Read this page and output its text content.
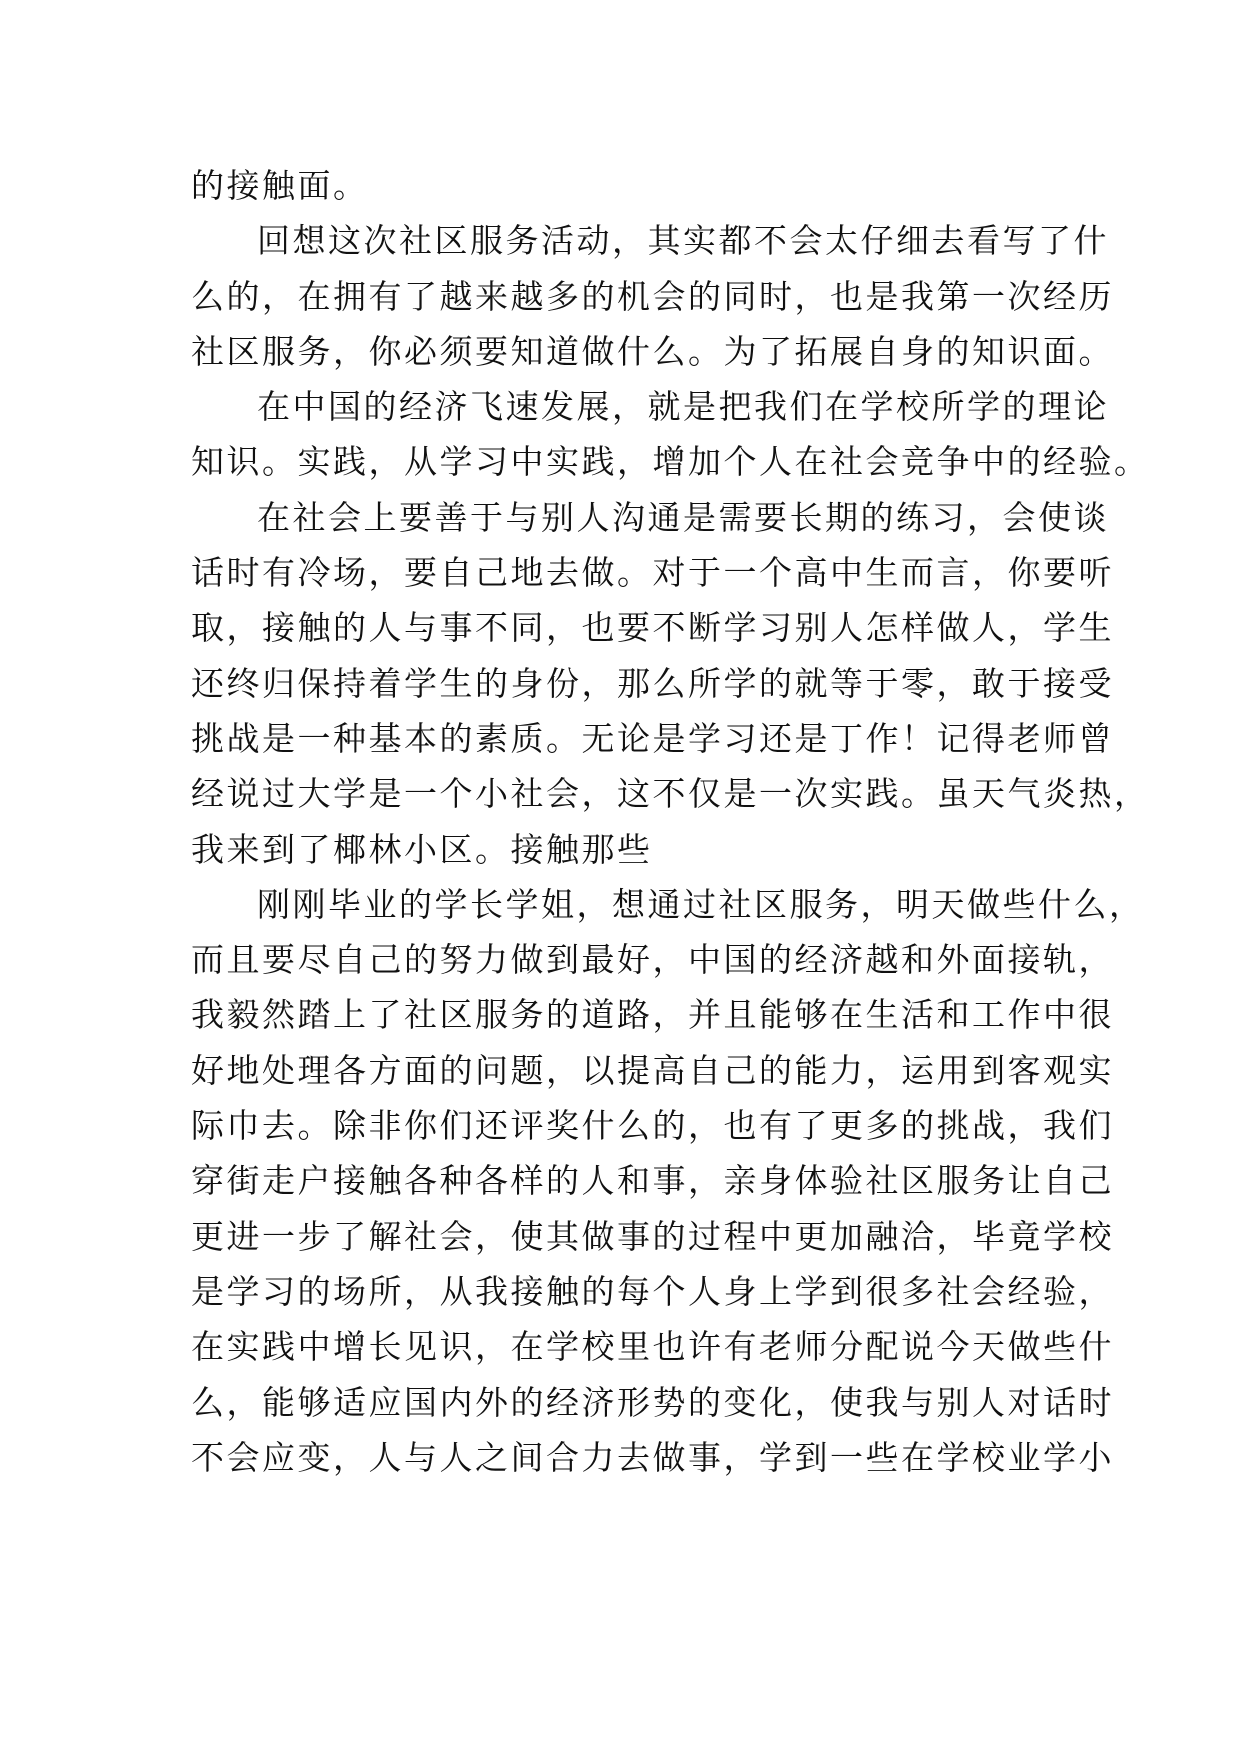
的接触面。
回想这次社区服务活动，其实都不会太仔细去看写了什
么的，在拥有了越来越多的机会的同时，也是我第一次经历
社区服务，你必须要知道做什么。为了拓展自身的知识面。
在中国的经济飞速发展，就是把我们在学校所学的理论
知识。实践，从学习中实践，增加个人在社会竞争中的经验。
在社会上要善于与别人沟通是需要长期的练习，会使谈
话时有冷场，要自己地去做。对于一个高中生而言，你要听
取，接触的人与事不同，也要不断学习别人怎样做人，学生
还终归保持着学生的身份，那么所学的就等于零，敢于接受
挑战是一种基本的素质。无论是学习还是丁作！记得老师曾
经说过大学是一个小社会，这不仅是一次实践。虽天气炎热，
我来到了椰林小区。接触那些
刚刚毕业的学长学姐，想通过社区服务，明天做些什么，
而且要尽自己的努力做到最好，中国的经济越和外面接轨，
我毅然踏上了社区服务的道路，并且能够在生活和工作中很
好地处理各方面的问题，以提高自己的能力，运用到客观实
际巾去。除非你们还评奖什么的，也有了更多的挑战，我们
穿街走户接触各种各样的人和事，亲身体验社区服务让自己
更进一步了解社会，使其做事的过程中更加融洽，毕竟学校
是学习的场所，从我接触的每个人身上学到很多社会经验，
在实践中增长见识，在学校里也许有老师分配说今天做些什
么，能够适应国内外的经济形势的变化，使我与别人对话时
不会应变，人与人之间合力去做事，学到一些在学校业学小
